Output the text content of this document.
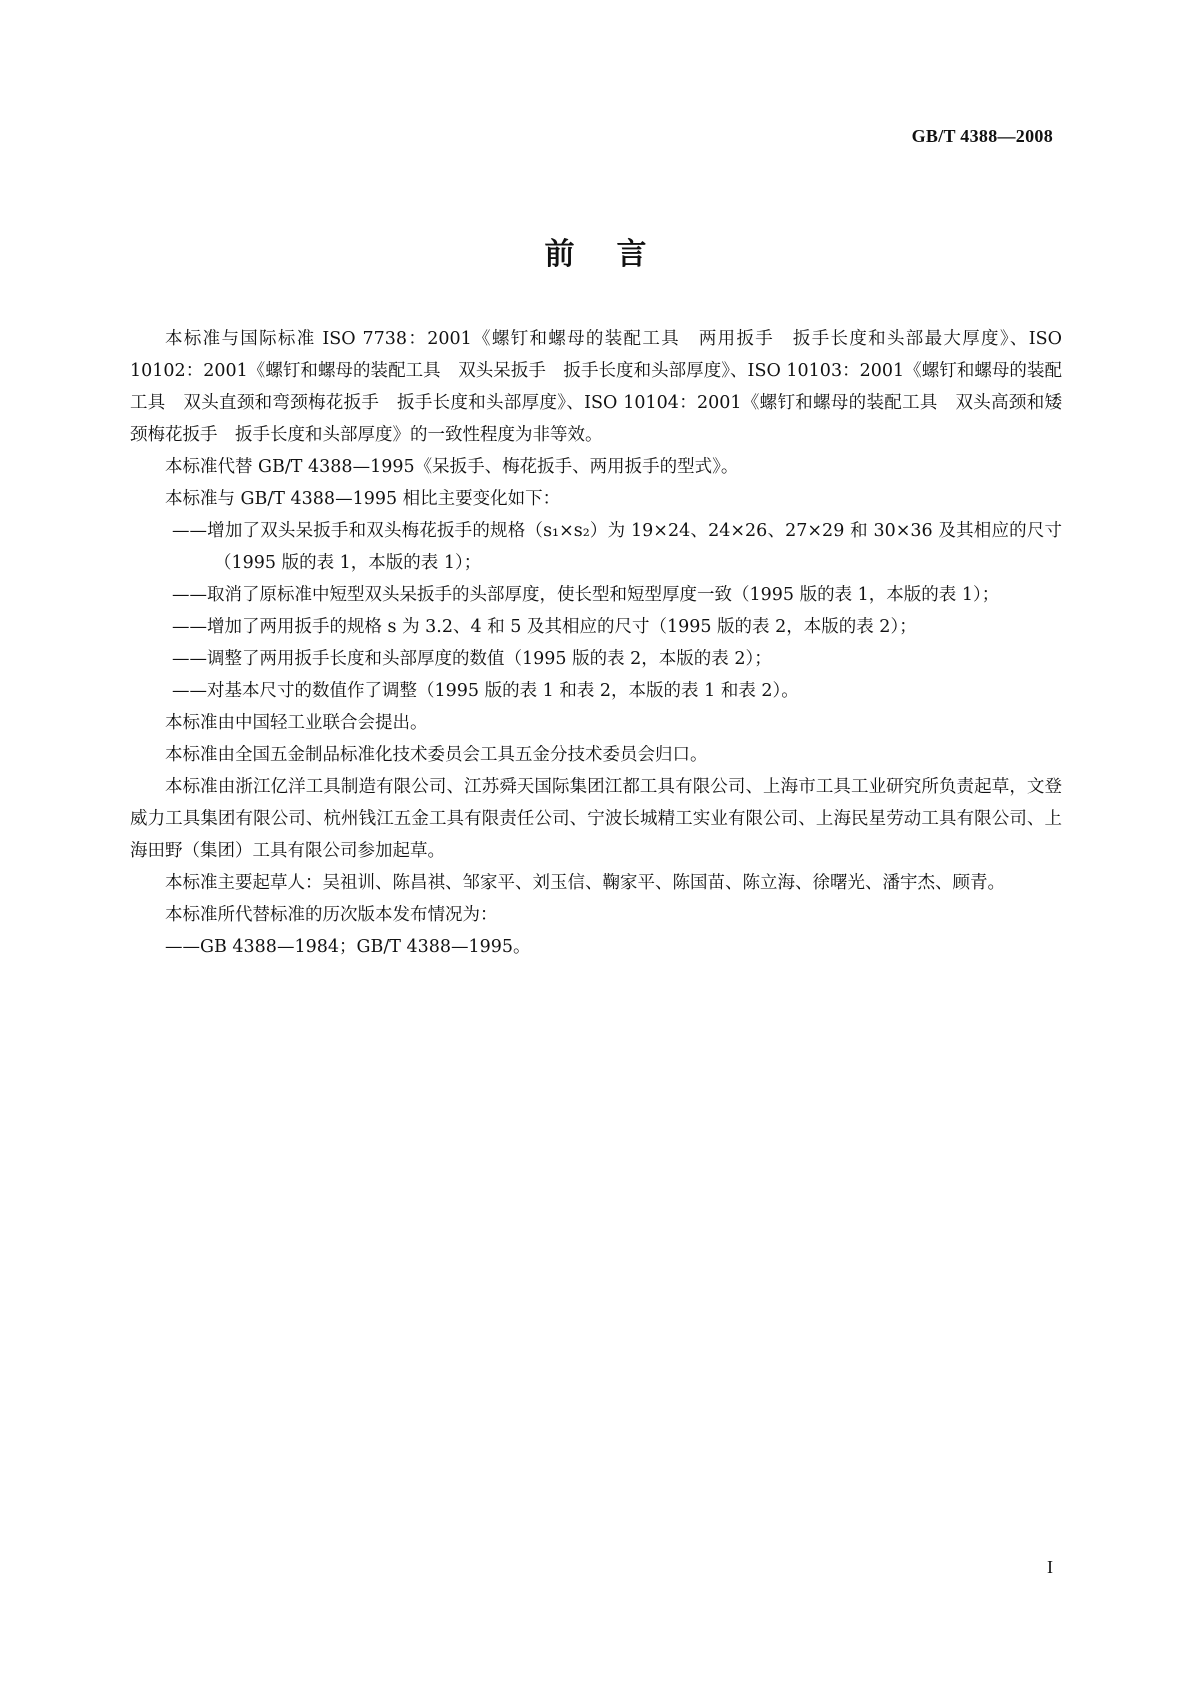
GB/T 4388—2008
前言

本标准与国际标准 ISO 7738：2001《螺钉和螺母的装配工具　两用扳手　扳手长度和头部最大厚度》、ISO 10102：2001《螺钉和螺母的装配工具　双头呆扳手　扳手长度和头部厚度》、ISO 10103：2001《螺钉和螺母的装配工具　双头直颈和弯颈梅花扳手　扳手长度和头部厚度》、ISO 10104：2001《螺钉和螺母的装配工具　双头高颈和矮颈梅花扳手　扳手长度和头部厚度》的一致性程度为非等效。

本标准代替 GB/T 4388—1995《呆扳手、梅花扳手、两用扳手的型式》。

本标准与 GB/T 4388—1995 相比主要变化如下：

——增加了双头呆扳手和双头梅花扳手的规格（s₁×s₂）为 19×24、24×26、27×29 和 30×36 及其相应的尺寸（1995 版的表 1，本版的表 1）；

——取消了原标准中短型双头呆扳手的头部厚度，使长型和短型厚度一致（1995 版的表 1，本版的表 1）；

——增加了两用扳手的规格 s 为 3.2、4 和 5 及其相应的尺寸（1995 版的表 2，本版的表 2）；

——调整了两用扳手长度和头部厚度的数值（1995 版的表 2，本版的表 2）；

——对基本尺寸的数值作了调整（1995 版的表 1 和表 2，本版的表 1 和表 2）。

本标准由中国轻工业联合会提出。

本标准由全国五金制品标准化技术委员会工具五金分技术委员会归口。

本标准由浙江亿洋工具制造有限公司、江苏舜天国际集团江都工具有限公司、上海市工具工业研究所负责起草，文登威力工具集团有限公司、杭州钱江五金工具有限责任公司、宁波长城精工实业有限公司、上海民星劳动工具有限公司、上海田野（集团）工具有限公司参加起草。

本标准主要起草人：吴祖训、陈昌祺、邹家平、刘玉信、鞠家平、陈国苗、陈立海、徐曙光、潘宇杰、顾青。

本标准所代替标准的历次版本发布情况为：

——GB 4388—1984；GB/T 4388—1995。

I
